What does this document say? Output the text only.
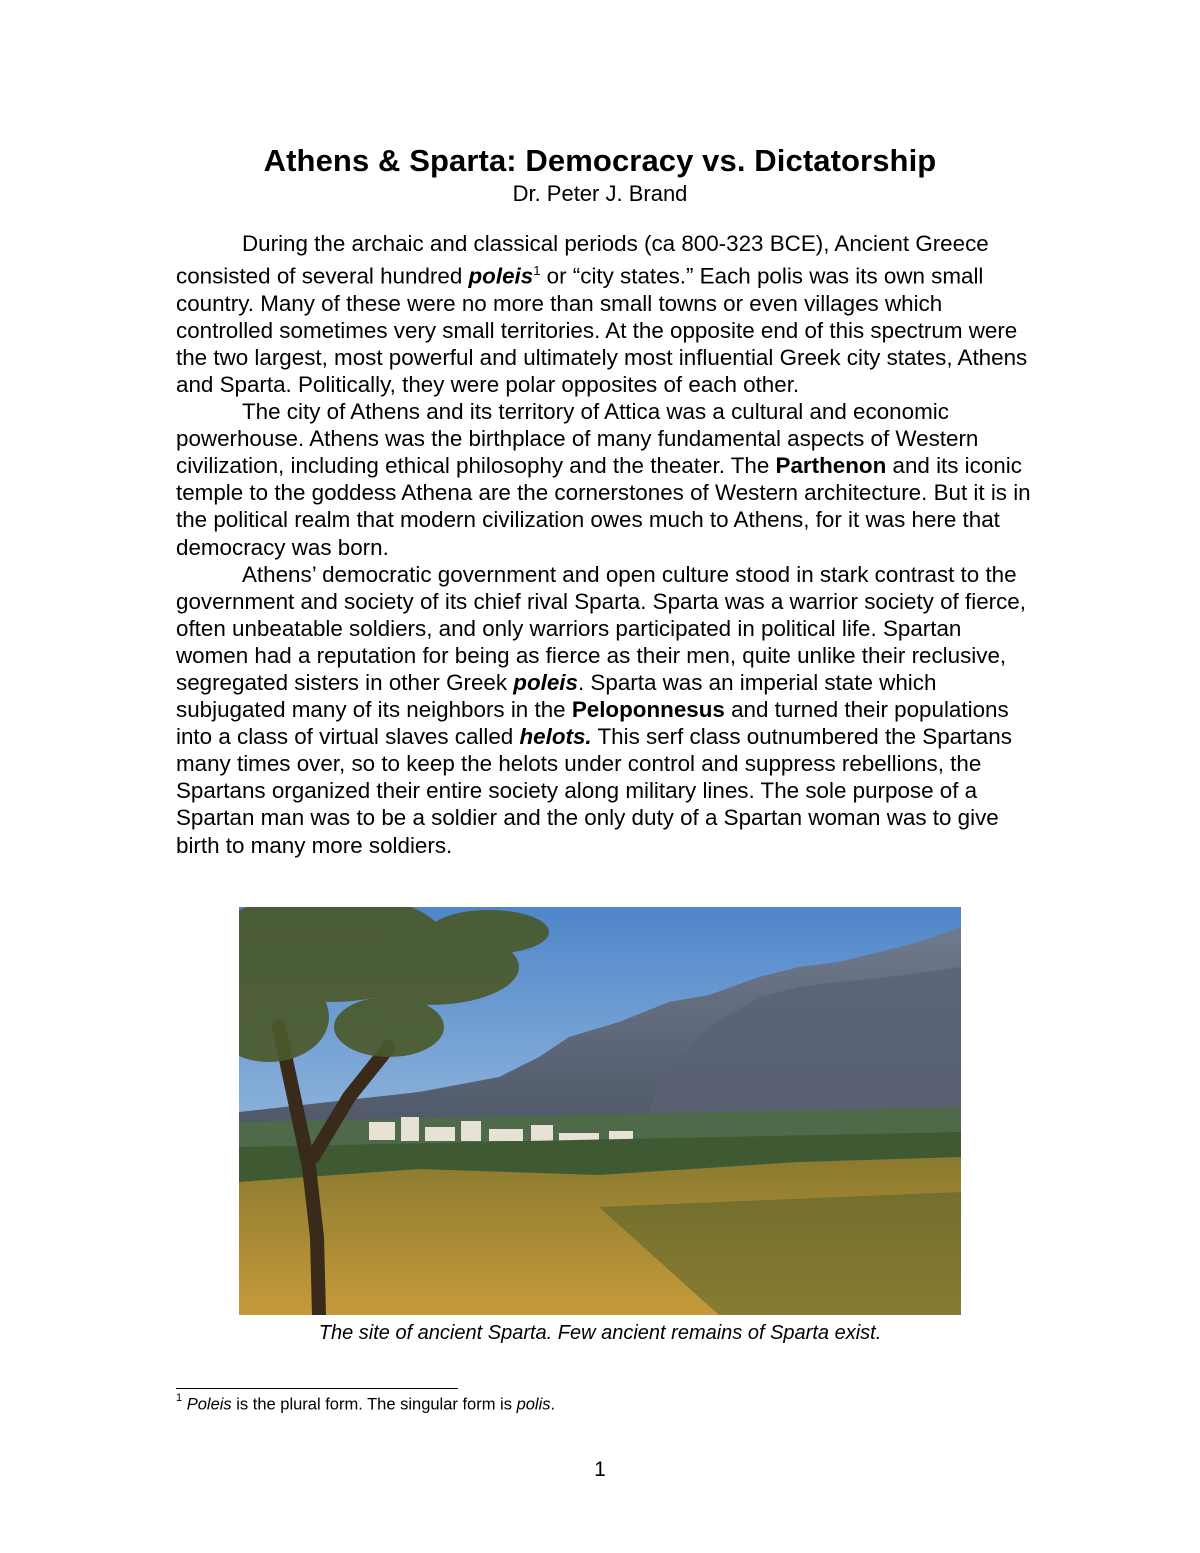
Athens & Sparta: Democracy vs. Dictatorship
Dr. Peter J. Brand

During the archaic and classical periods (ca 800-323 BCE), Ancient Greece consisted of several hundred poleis$^1$ or “city states.” Each polis was its own small country. Many of these were no more than small towns or even villages which controlled sometimes very small territories. At the opposite end of this spectrum were the two largest, most powerful and ultimately most influential Greek city states, Athens and Sparta. Politically, they were polar opposites of each other.

The city of Athens and its territory of Attica was a cultural and economic powerhouse. Athens was the birthplace of many fundamental aspects of Western civilization, including ethical philosophy and the theater. The Parthenon and its iconic temple to the goddess Athena are the cornerstones of Western architecture. But it is in the political realm that modern civilization owes much to Athens, for it was here that democracy was born.

Athens’ democratic government and open culture stood in stark contrast to the government and society of its chief rival Sparta. Sparta was a warrior society of fierce, often unbeatable soldiers, and only warriors participated in political life. Spartan women had a reputation for being as fierce as their men, quite unlike their reclusive, segregated sisters in other Greek poleis. Sparta was an imperial state which subjugated many of its neighbors in the Peloponnesus and turned their populations into a class of virtual slaves called helots. This serf class outnumbered the Spartans many times over, so to keep the helots under control and suppress rebellions, the Spartans organized their entire society along military lines. The sole purpose of a Spartan man was to be a soldier and the only duty of a Spartan woman was to give birth to many more soldiers.

The site of ancient Sparta. Few ancient remains of Sparta exist.
$^1$ Poleis is the plural form. The singular form is polis.
1
